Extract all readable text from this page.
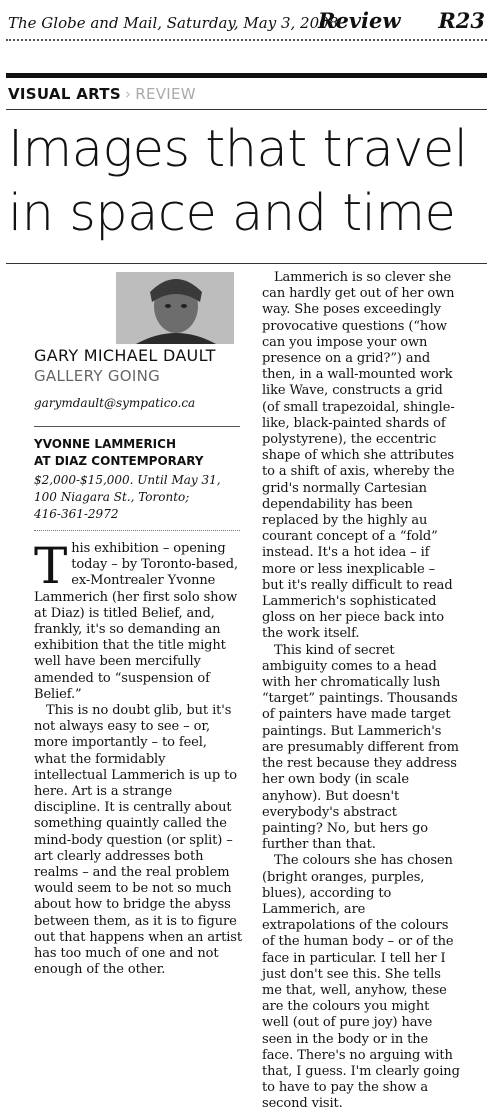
The Globe and Mail, Saturday, May 3, 2008
Review R23
VISUAL ARTS › REVIEW
Images that travel
in space and time
GARY MICHAEL DAULT
GALLERY GOING
garymdault@sympatico.ca
YVONNE LAMMERICH
AT DIAZ CONTEMPORARY
$2,000-$15,000. Until May 31,
100 Niagara St., Toronto;
416-361-2972

This exhibition – opening today – by Toronto-based, ex-Montrealer Yvonne Lammerich (her first solo show at Diaz) is titled Belief, and, frankly, it's so demanding an exhibition that the title might well have been mercifully amended to “suspension of Belief.”

This is no doubt glib, but it's not always easy to see – or, more importantly – to feel, what the formidably intellectual Lammerich is up to here. Art is a strange discipline. It is centrally about something quaintly called the mind-body question (or split) – art clearly addresses both realms – and the real problem would seem to be not so much about how to bridge the abyss between them, as it is to figure out that happens when an artist has too much of one and not enough of the other.

Lammerich is so clever she can hardly get out of her own way. She poses exceedingly provocative questions (“how can you impose your own presence on a grid?”) and then, in a wall-mounted work like Wave, constructs a grid (of small trapezoidal, shingle-like, black-painted shards of polystyrene), the eccentric shape of which she attributes to a shift of axis, whereby the grid's normally Cartesian dependability has been replaced by the highly au courant concept of a “fold” instead. It's a hot idea – if more or less inexplicable – but it's really difficult to read Lammerich's sophisticated gloss on her piece back into the work itself.

This kind of secret ambiguity comes to a head with her chromatically lush “target” paintings. Thousands of painters have made target paintings. But Lammerich's are presumably different from the rest because they address her own body (in scale anyhow). But doesn't everybody's abstract painting? No, but hers go further than that.

The colours she has chosen (bright oranges, purples, blues), according to Lammerich, are extrapolations of the colours of the human body – or of the face in particular. I tell her I just don't see this. She tells me that, well, anyhow, these are the colours you might well (out of pure joy) have seen in the body or in the face. There's no arguing with that, I guess. I'm clearly going to have to pay the show a second visit.
